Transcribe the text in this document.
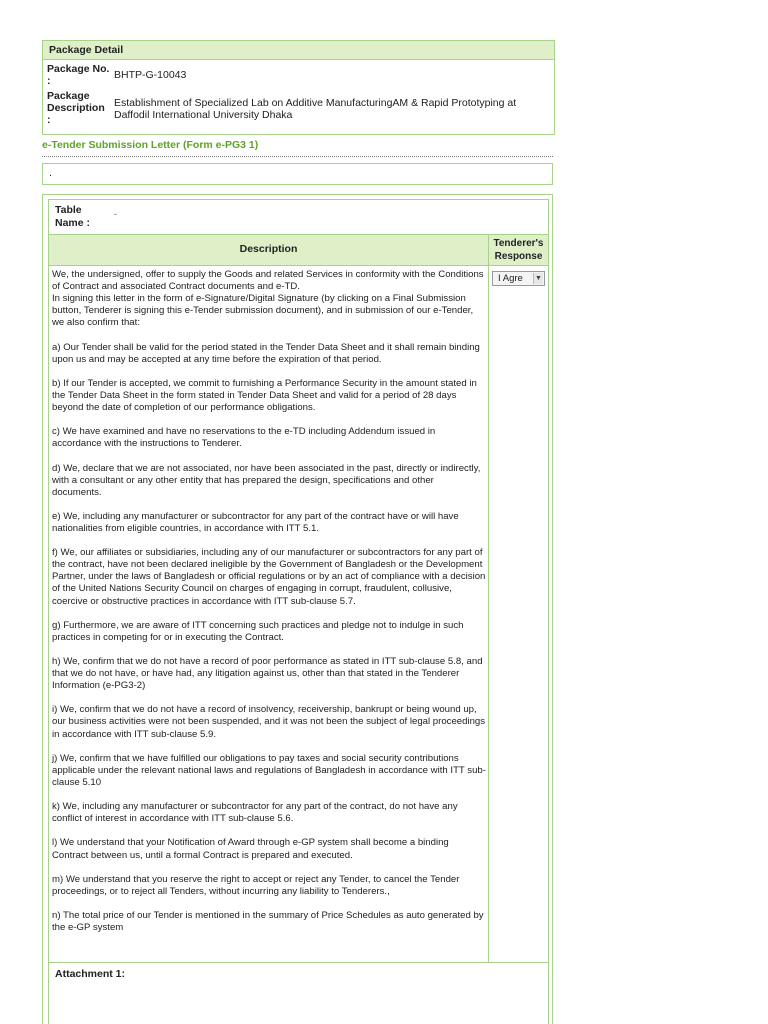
Package Detail
Package No. :	BHTP-G-10043
Package Description :
Establishment of Specialized Lab on Additive ManufacturingAM & Rapid Prototyping at Daffodil International University Dhaka
e-Tender Submission Letter (Form e-PG3 1)
.
Table Name :
-
Description	Tenderer's Response
We, the undersigned, offer to supply the Goods and related Services in conformity with the Conditions of Contract and associated Contract documents and e-TD.
In signing this letter in the form of e-Signature/Digital Signature (by clicking on a Final Submission button, Tenderer is signing this e-Tender submission document), and in submission of our e-Tender, we also confirm that:

a) Our Tender shall be valid for the period stated in the Tender Data Sheet and it shall remain binding upon us and may be accepted at any time before the expiration of that period.

b) If our Tender is accepted, we commit to furnishing a Performance Security in the amount stated in the Tender Data Sheet in the form stated in Tender Data Sheet and valid for a period of 28 days beyond the date of completion of our performance obligations.

c) We have examined and have no reservations to the e-TD including Addendum issued in accordance with the instructions to Tenderer.

d) We, declare that we are not associated, nor have been associated in the past, directly or indirectly, with a consultant or any other entity that has prepared the design, specifications and other documents.

e) We, including any manufacturer or subcontractor for any part of the contract have or will have nationalities from eligible countries, in accordance with ITT 5.1.

f) We, our affiliates or subsidiaries, including any of our manufacturer or subcontractors for any part of the contract, have not been declared ineligible by the Government of Bangladesh or the Development Partner, under the laws of Bangladesh or official regulations or by an act of compliance with a decision of the United Nations Security Council on charges of engaging in corrupt, fraudulent, collusive, coercive or obstructive practices in accordance with ITT sub-clause 5.7.

g) Furthermore, we are aware of ITT concerning such practices and pledge not to indulge in such practices in competing for or in executing the Contract.

h) We, confirm that we do not have a record of poor performance as stated in ITT sub-clause 5.8, and that we do not have, or have had, any litigation against us, other than that stated in the Tenderer Information (e-PG3-2)

i) We, confirm that we do not have a record of insolvency, receivership, bankrupt or being wound up, our business activities were not been suspended, and it was not been the subject of legal proceedings in accordance with ITT sub-clause 5.9.

j) We, confirm that we have fulfilled our obligations to pay taxes and social security contributions applicable under the relevant national laws and regulations of Bangladesh in accordance with ITT sub-clause 5.10

k) We, including any manufacturer or subcontractor for any part of the contract, do not have any conflict of interest in accordance with ITT sub-clause 5.6.

l) We understand that your Notification of Award through e-GP system shall become a binding Contract between us, until a formal Contract is prepared and executed.

m) We understand that you reserve the right to accept or reject any Tender, to cancel the Tender proceedings, or to reject all Tenders, without incurring any liability to Tenderers.,

n) The total price of our Tender is mentioned in the summary of Price Schedules as auto generated by the e-GP system
I Agre ▼
Attachment 1:
